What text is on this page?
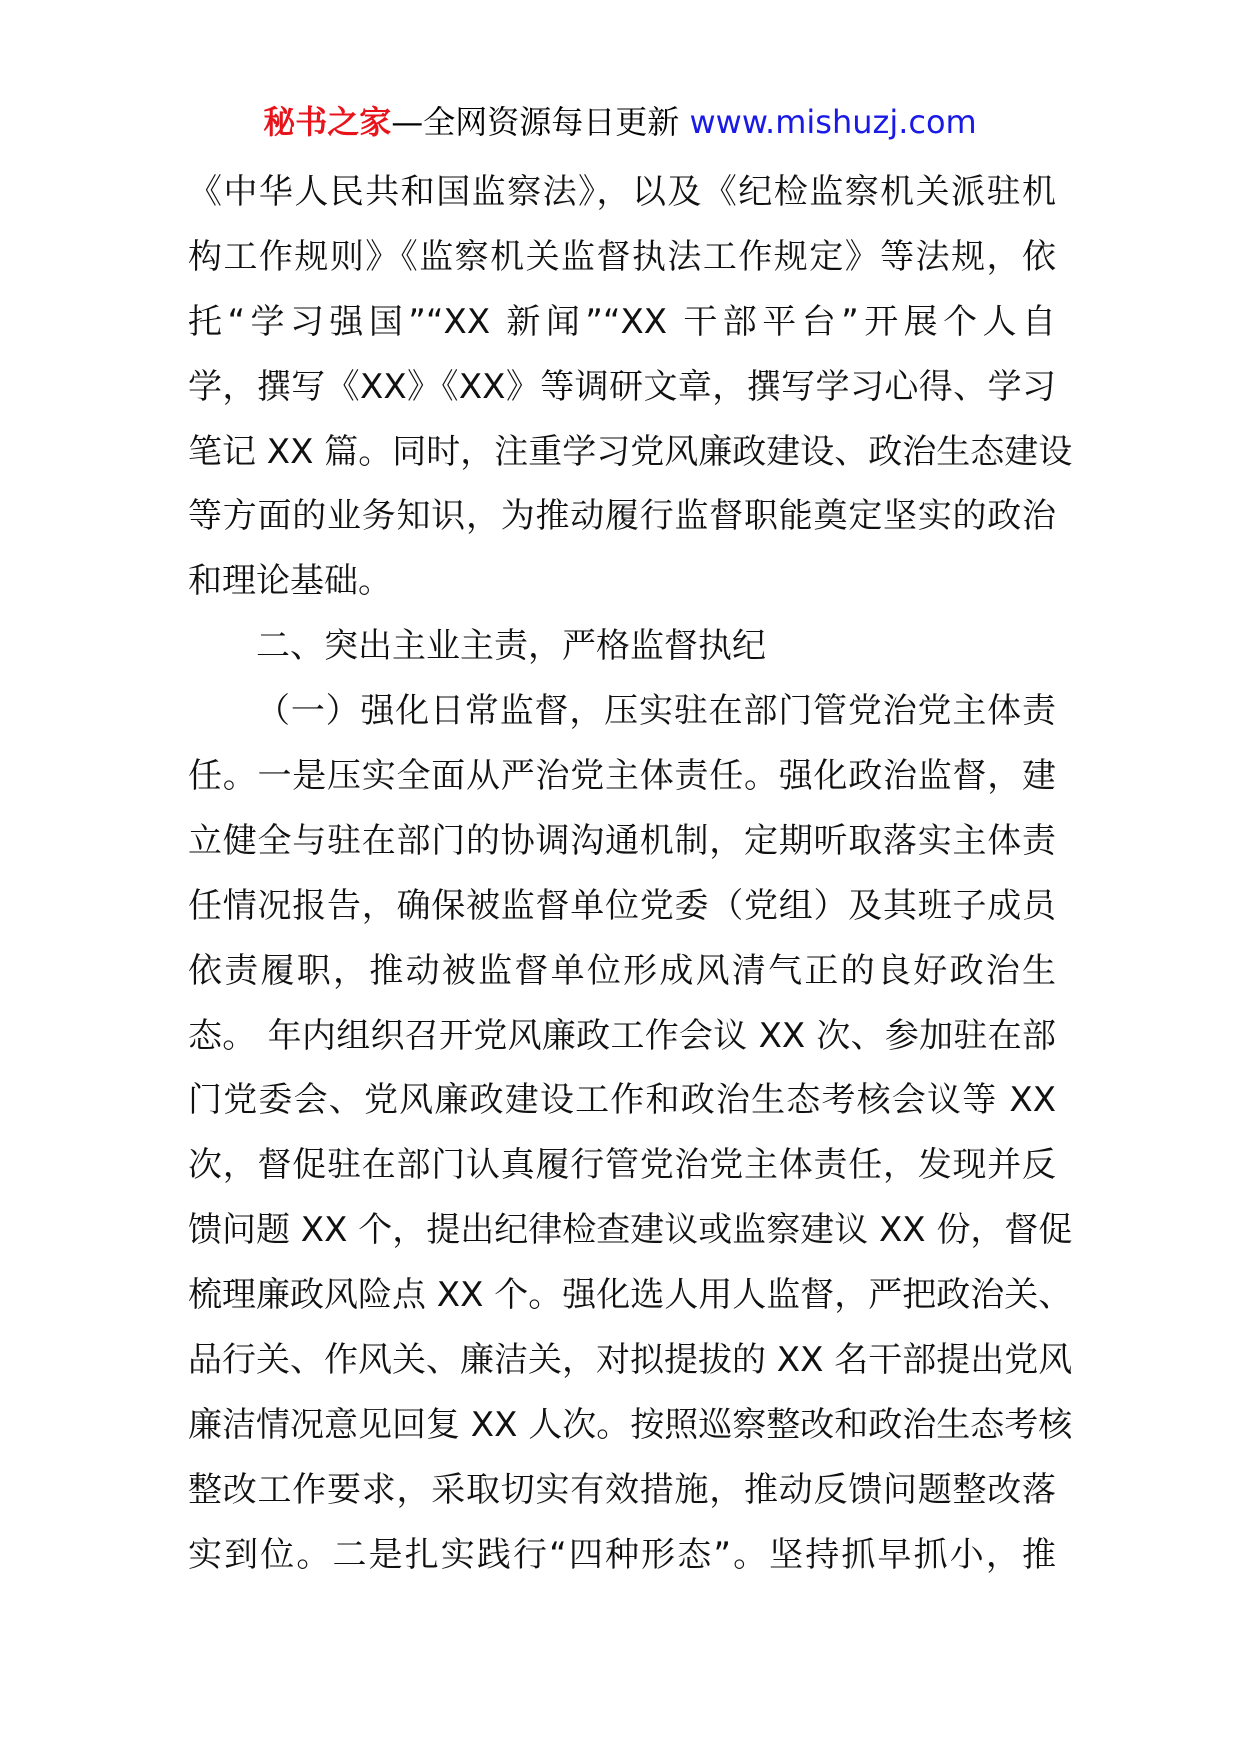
秘书之家—全网资源每日更新 www.mishuzj.com
《中华人民共和国监察法》，以及《纪检监察机关派驻机
构工作规则》《监察机关监督执法工作规定》等法规，依
托“学习强国”“XX 新闻”“XX 干部平台”开展个人自
学，撰写《XX》《XX》等调研文章，撰写学习心得、学习
笔记 XX 篇。同时，注重学习党风廉政建设、政治生态建设
等方面的业务知识，为推动履行监督职能奠定坚实的政治
和理论基础。
二、突出主业主责，严格监督执纪
（一）强化日常监督，压实驻在部门管党治党主体责
任。一是压实全面从严治党主体责任。强化政治监督，建
立健全与驻在部门的协调沟通机制，定期听取落实主体责
任情况报告，确保被监督单位党委（党组）及其班子成员
依责履职，推动被监督单位形成风清气正的良好政治生
态。 年内组织召开党风廉政工作会议 XX 次、参加驻在部
门党委会、党风廉政建设工作和政治生态考核会议等 XX
次，督促驻在部门认真履行管党治党主体责任，发现并反
馈问题 XX 个，提出纪律检查建议或监察建议 XX 份，督促
梳理廉政风险点 XX 个。强化选人用人监督，严把政治关、
品行关、作风关、廉洁关，对拟提拔的 XX 名干部提出党风
廉洁情况意见回复 XX 人次。按照巡察整改和政治生态考核
整改工作要求，采取切实有效措施，推动反馈问题整改落
实到位。二是扎实践行“四种形态”。坚持抓早抓小，推
